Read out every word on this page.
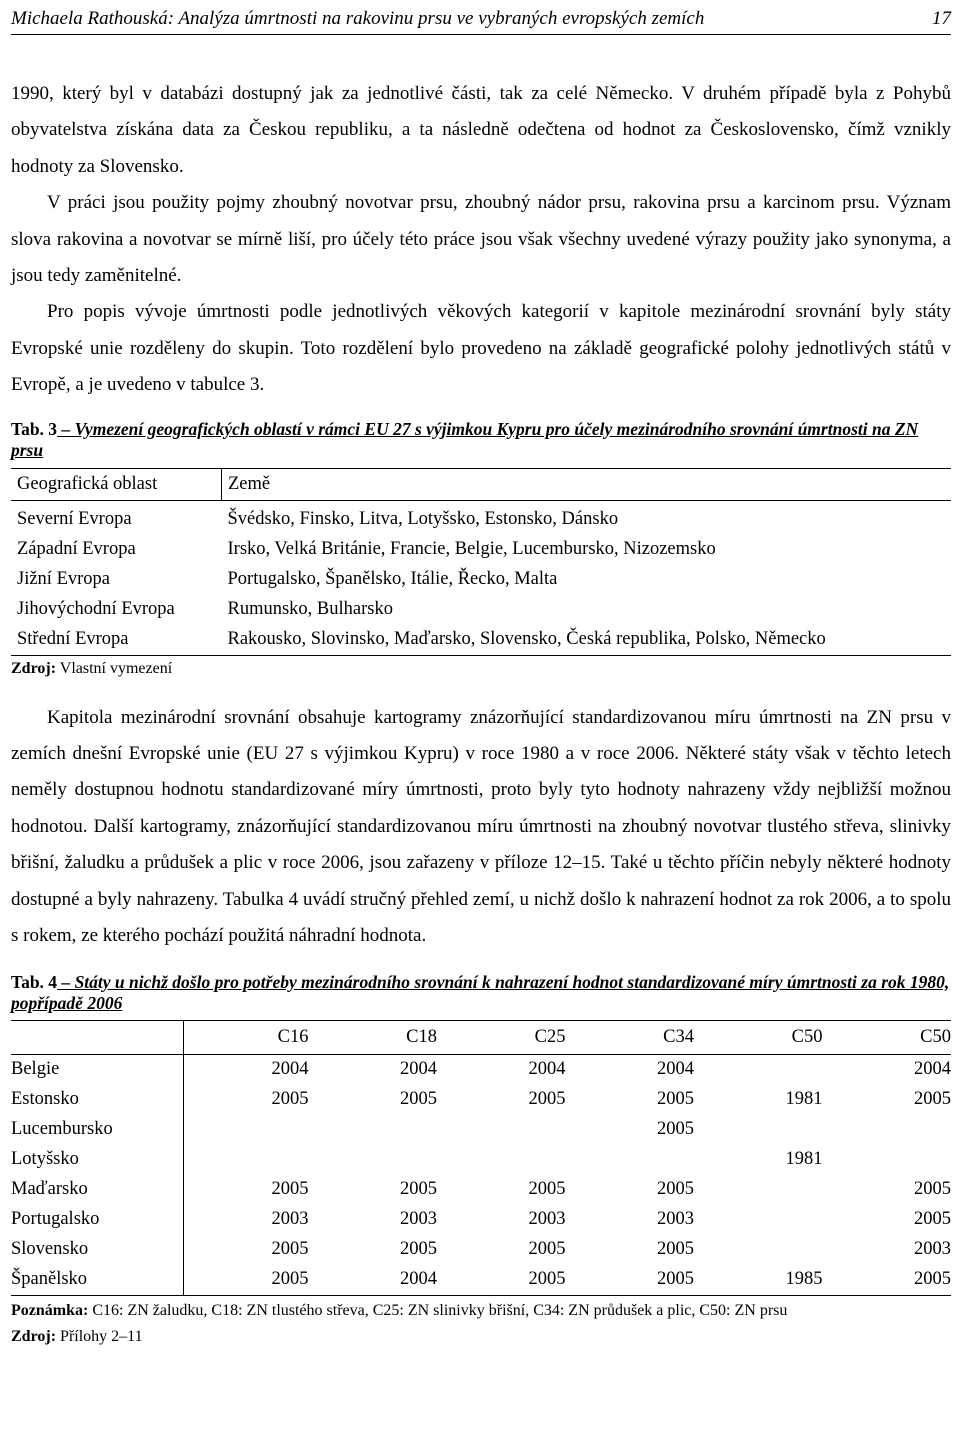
Michaela Rathouská: Analýza úmrtnosti na rakovinu prsu ve vybraných evropských zemích	17

1990, který byl v databázi dostupný jak za jednotlivé části, tak za celé Německo. V druhém případě byla z Pohybů obyvatelstva získána data za Českou republiku, a ta následně odečtena od hodnot za Československo, čímž vznikly hodnoty za Slovensko.

V práci jsou použity pojmy zhoubný novotvar prsu, zhoubný nádor prsu, rakovina prsu a karcinom prsu. Význam slova rakovina a novotvar se mírně liší, pro účely této práce jsou však všechny uvedené výrazy použity jako synonyma, a jsou tedy zaměnitelné.

Pro popis vývoje úmrtnosti podle jednotlivých věkových kategorií v kapitole mezinárodní srovnání byly státy Evropské unie rozděleny do skupin. Toto rozdělení bylo provedeno na základě geografické polohy jednotlivých států v Evropě, a je uvedeno v tabulce 3.

Tab. 3 – Vymezení geografických oblastí v rámci EU 27 s výjimkou Kypru pro účely mezinárodního srovnání úmrtnosti na ZN prsu

Geografická oblast	Země
Severní Evropa	Švédsko, Finsko, Litva, Lotyšsko, Estonsko, Dánsko
Západní Evropa	Irsko, Velká Británie, Francie, Belgie, Lucembursko, Nizozemsko
Jižní Evropa	Portugalsko, Španělsko, Itálie, Řecko, Malta
Jihovýchodní Evropa	Rumunsko, Bulharsko
Střední Evropa	Rakousko, Slovinsko, Maďarsko, Slovensko, Česká republika, Polsko, Německo

Zdroj: Vlastní vymezení

Kapitola mezinárodní srovnání obsahuje kartogramy znázorňující standardizovanou míru úmrtnosti na ZN prsu v zemích dnešní Evropské unie (EU 27 s výjimkou Kypru) v roce 1980 a v roce 2006. Některé státy však v těchto letech neměly dostupnou hodnotu standardizované míry úmrtnosti, proto byly tyto hodnoty nahrazeny vždy nejbližší možnou hodnotou. Další kartogramy, znázorňující standardizovanou míru úmrtnosti na zhoubný novotvar tlustého střeva, slinivky břišní, žaludku a průdušek a plic v roce 2006, jsou zařazeny v příloze 12–15. Také u těchto příčin nebyly některé hodnoty dostupné a byly nahrazeny. Tabulka 4 uvádí stručný přehled zemí, u nichž došlo k nahrazení hodnot za rok 2006, a to spolu s rokem, ze kterého pochází použitá náhradní hodnota.

Tab. 4 – Státy u nichž došlo pro potřeby mezinárodního srovnání k nahrazení hodnot standardizované míry úmrtnosti za rok 1980, popřípadě 2006

	C16	C18	C25	C34	C50	C50
Belgie	2004	2004	2004	2004		2004
Estonsko	2005	2005	2005	2005	1981	2005
Lucembursko				2005		
Lotyšsko					1981	
Maďarsko	2005	2005	2005	2005		2005
Portugalsko	2003	2003	2003	2003		2005
Slovensko	2005	2005	2005	2005		2003
Španělsko	2005	2004	2005	2005	1985	2005

Poznámka: C16: ZN žaludku, C18: ZN tlustého střeva, C25: ZN slinivky břišní, C34: ZN průdušek a plic, C50: ZN prsu

Zdroj: Přílohy 2–11
